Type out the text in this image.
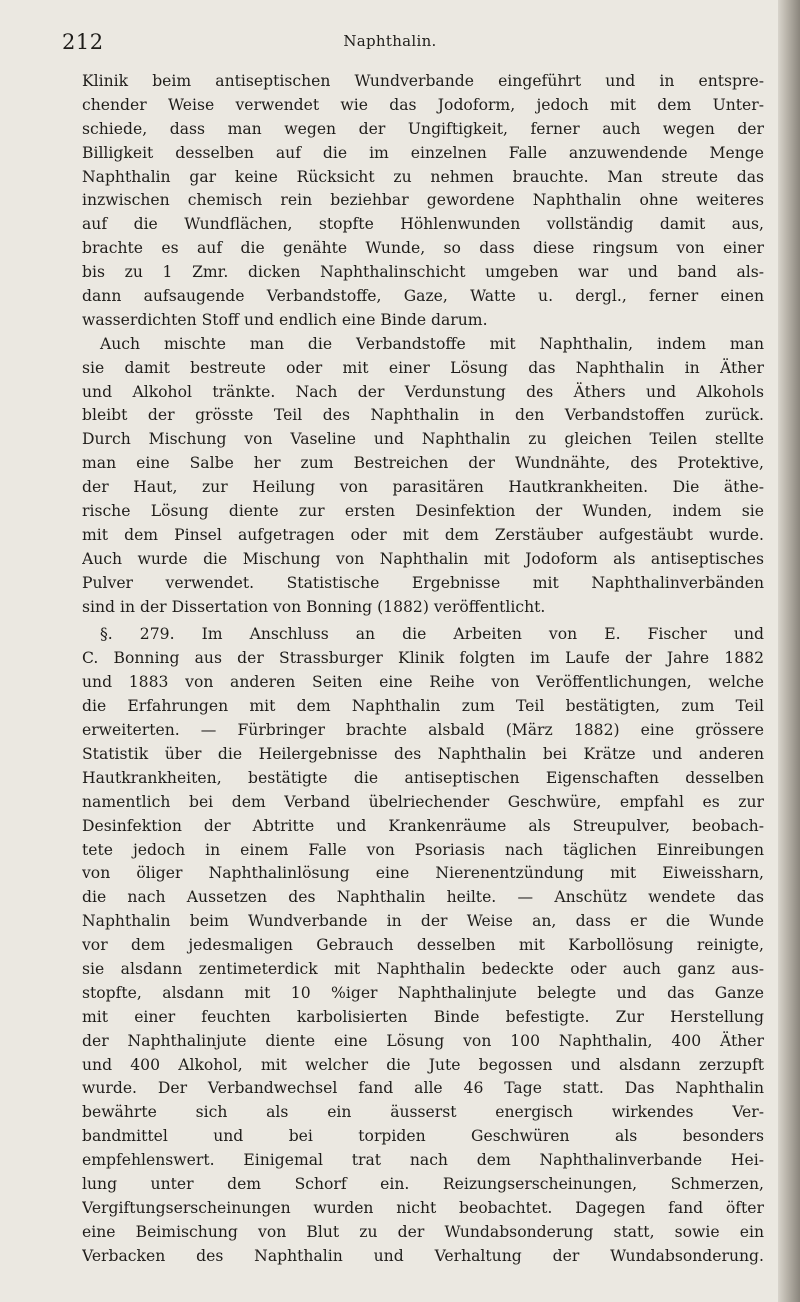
212	Naphthalin.
Klinik beim antiseptischen Wundverbande eingeführt und in entspre-
chender Weise verwendet wie das Jodoform, jedoch mit dem Unter-
schiede, dass man wegen der Ungiftigkeit, ferner auch wegen der
Billigkeit desselben auf die im einzelnen Falle anzuwendende Menge
Naphthalin gar keine Rücksicht zu nehmen brauchte. Man streute das
inzwischen chemisch rein beziehbar gewordene Naphthalin ohne weiteres
auf die Wundflächen, stopfte Höhlenwunden vollständig damit aus,
brachte es auf die genähte Wunde, so dass diese ringsum von einer
bis zu 1 Zmr. dicken Naphthalinschicht umgeben war und band als-
dann aufsaugende Verbandstoffe, Gaze, Watte u. dergl., ferner einen
wasserdichten Stoff und endlich eine Binde darum.
Auch mischte man die Verbandstoffe mit Naphthalin, indem man
sie damit bestreute oder mit einer Lösung das Naphthalin in Äther
und Alkohol tränkte. Nach der Verdunstung des Äthers und Alkohols
bleibt der grösste Teil des Naphthalin in den Verbandstoffen zurück.
Durch Mischung von Vaseline und Naphthalin zu gleichen Teilen stellte
man eine Salbe her zum Bestreichen der Wundnähte, des Protektive,
der Haut, zur Heilung von parasitären Hautkrankheiten. Die äthe-
rische Lösung diente zur ersten Desinfektion der Wunden, indem sie
mit dem Pinsel aufgetragen oder mit dem Zerstäuber aufgestäubt wurde.
Auch wurde die Mischung von Naphthalin mit Jodoform als antiseptisches
Pulver verwendet. Statistische Ergebnisse mit Naphthalinverbänden
sind in der Dissertation von Bonning (1882) veröffentlicht.
§. 279. Im Anschluss an die Arbeiten von E. Fischer und
C. Bonning aus der Strassburger Klinik folgten im Laufe der Jahre 1882
und 1883 von anderen Seiten eine Reihe von Veröffentlichungen, welche
die Erfahrungen mit dem Naphthalin zum Teil bestätigten, zum Teil
erweiterten. — Fürbringer brachte alsbald (März 1882) eine grössere
Statistik über die Heilergebnisse des Naphthalin bei Krätze und anderen
Hautkrankheiten, bestätigte die antiseptischen Eigenschaften desselben
namentlich bei dem Verband übelriechender Geschwüre, empfahl es zur
Desinfektion der Abtritte und Krankenräume als Streupulver, beobach-
tete jedoch in einem Falle von Psoriasis nach täglichen Einreibungen
von öliger Naphthalinlösung eine Nierenentzündung mit Eiweissharn,
die nach Aussetzen des Naphthalin heilte. — Anschütz wendete das
Naphthalin beim Wundverbande in der Weise an, dass er die Wunde
vor dem jedesmaligen Gebrauch desselben mit Karbollösung reinigte,
sie alsdann zentimeterdick mit Naphthalin bedeckte oder auch ganz aus-
stopfte, alsdann mit 10 %iger Naphthalinjute belegte und das Ganze
mit einer feuchten karbolisierten Binde befestigte. Zur Herstellung
der Naphthalinjute diente eine Lösung von 100 Naphthalin, 400 Äther
und 400 Alkohol, mit welcher die Jute begossen und alsdann zerzupft
wurde. Der Verbandwechsel fand alle 46 Tage statt. Das Naphthalin
bewährte sich als ein äusserst energisch wirkendes Ver-
bandmittel und bei torpiden Geschwüren als besonders
empfehlenswert. Einigemal trat nach dem Naphthalinverbande Hei-
lung unter dem Schorf ein. Reizungserscheinungen, Schmerzen,
Vergiftungserscheinungen wurden nicht beobachtet. Dagegen fand öfter
eine Beimischung von Blut zu der Wundabsonderung statt, sowie ein
Verbacken des Naphthalin und Verhaltung der Wundabsonderung.
